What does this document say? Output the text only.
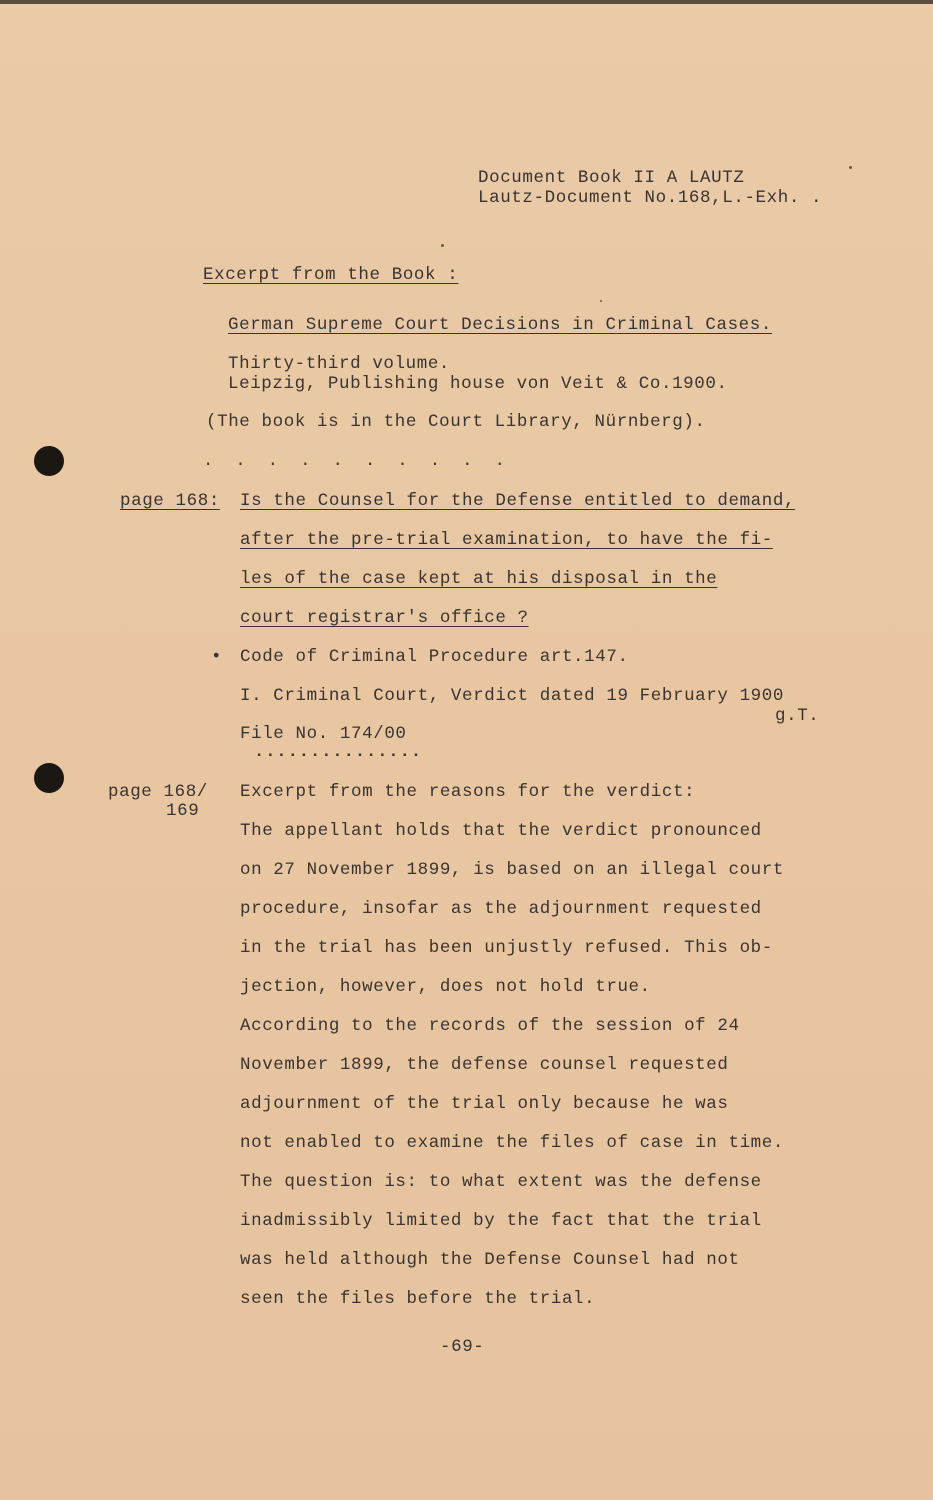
Document Book II A LAUTZ
Lautz-Document No.168,L.-Exh. .
Excerpt from the Book :
German Supreme Court Decisions in Criminal Cases.
Thirty-third volume.
Leipzig, Publishing house von Veit & Co.1900.
(The book is in the Court Library, Nürnberg).
. . . . . . . . . .
page 168: Is the Counsel for the Defense entitled to demand,
after the pre-trial examination, to have the fi-
les of the case kept at his disposal in the
court registrar's office ?
• Code of Criminal Procedure art.147.
I. Criminal Court, Verdict dated 19 February 1900
g.T.
File No. 174/00
...............
page 168/
169
Excerpt from the reasons for the verdict:
The appellant holds that the verdict pronounced
on 27 November 1899, is based on an illegal court
procedure, insofar as the adjournment requested
in the trial has been unjustly refused. This ob-
jection, however, does not hold true.
According to the records of the session of 24
November 1899, the defense counsel requested
adjournment of the trial only because he was
not enabled to examine the files of case in time.
The question is: to what extent was the defense
inadmissibly limited by the fact that the trial
was held although the Defense Counsel had not
seen the files before the trial.
-69-
